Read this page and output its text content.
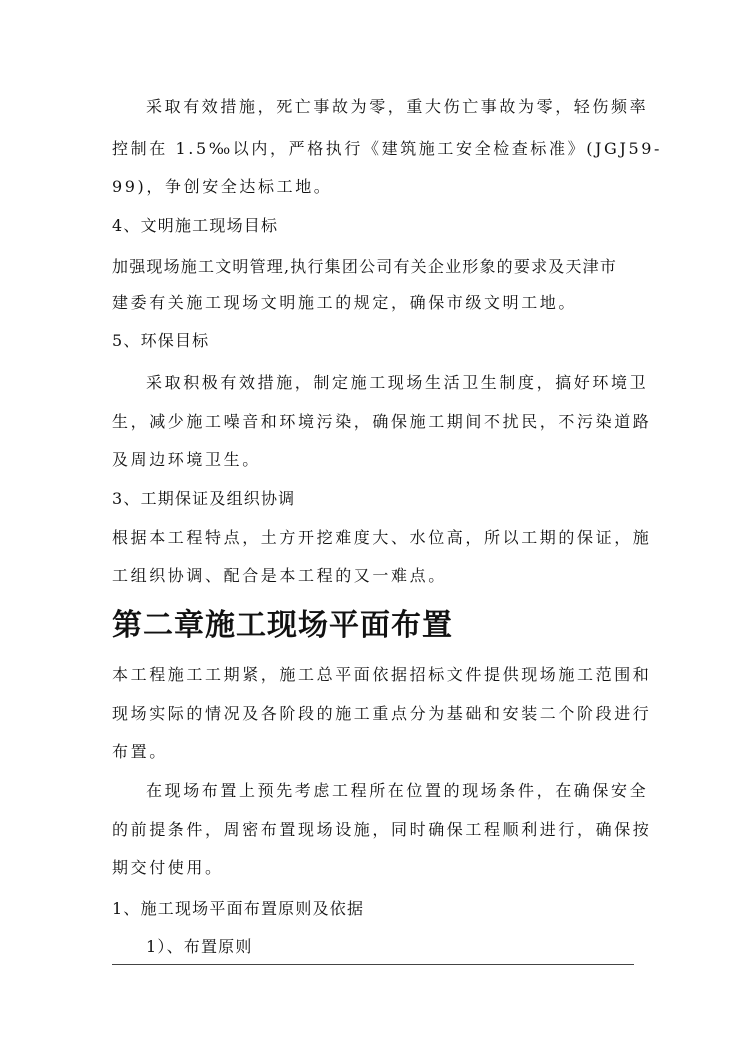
采取有效措施，死亡事故为零，重大伤亡事故为零，轻伤频率
控制在 1.5‰以内，严格执行《建筑施工安全检查标准》(JGJ59-
99)，争创安全达标工地。
4、文明施工现场目标
加强现场施工文明管理,执行集团公司有关企业形象的要求及天津市
建委有关施工现场文明施工的规定，确保市级文明工地。
5、环保目标
采取积极有效措施，制定施工现场生活卫生制度，搞好环境卫
生，减少施工噪音和环境污染，确保施工期间不扰民，不污染道路
及周边环境卫生。
3、工期保证及组织协调
根据本工程特点，土方开挖难度大、水位高，所以工期的保证，施
工组织协调、配合是本工程的又一难点。
第二章施工现场平面布置
本工程施工工期紧，施工总平面依据招标文件提供现场施工范围和
现场实际的情况及各阶段的施工重点分为基础和安装二个阶段进行
布置。
在现场布置上预先考虑工程所在位置的现场条件，在确保安全
的前提条件，周密布置现场设施，同时确保工程顺利进行，确保按
期交付使用。
1、施工现场平面布置原则及依据
1）、布置原则
